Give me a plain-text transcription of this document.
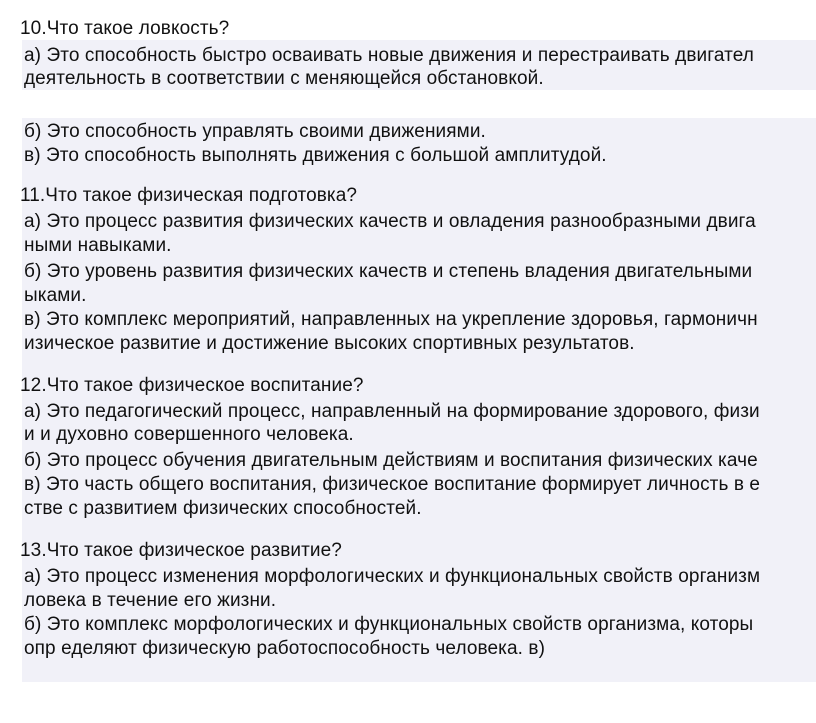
10.Что такое ловкость?
а) Это способность быстро осваивать новые движения и перестраивать двигател
деятельность в соответствии с меняющейся обстановкой.
б) Это способность управлять своими движениями.
в) Это способность выполнять движения с большой амплитудой.
11.Что такое физическая подготовка?
а) Это процесс развития физических качеств и овладения разнообразными двига
ными навыками.
б) Это уровень развития физических качеств и степень владения двигательными
ыками.
в) Это комплекс мероприятий, направленных на укрепление здоровья, гармоничн
изическое развитие и достижение высоких спортивных результатов.
12.Что такое физическое воспитание?
а) Это педагогический процесс, направленный на формирование здорового, физи
и и духовно совершенного человека.
б) Это процесс обучения двигательным действиям и воспитания физических каче
в) Это часть общего воспитания, физическое воспитание формирует личность в е
стве с развитием физических способностей.
13.Что такое физическое развитие?
а) Это процесс изменения морфологических и функциональных свойств организм
ловека в течение его жизни.
б) Это комплекс морфологических и функциональных свойств организма, которы
опр еделяют физическую работоспособность человека. в)
